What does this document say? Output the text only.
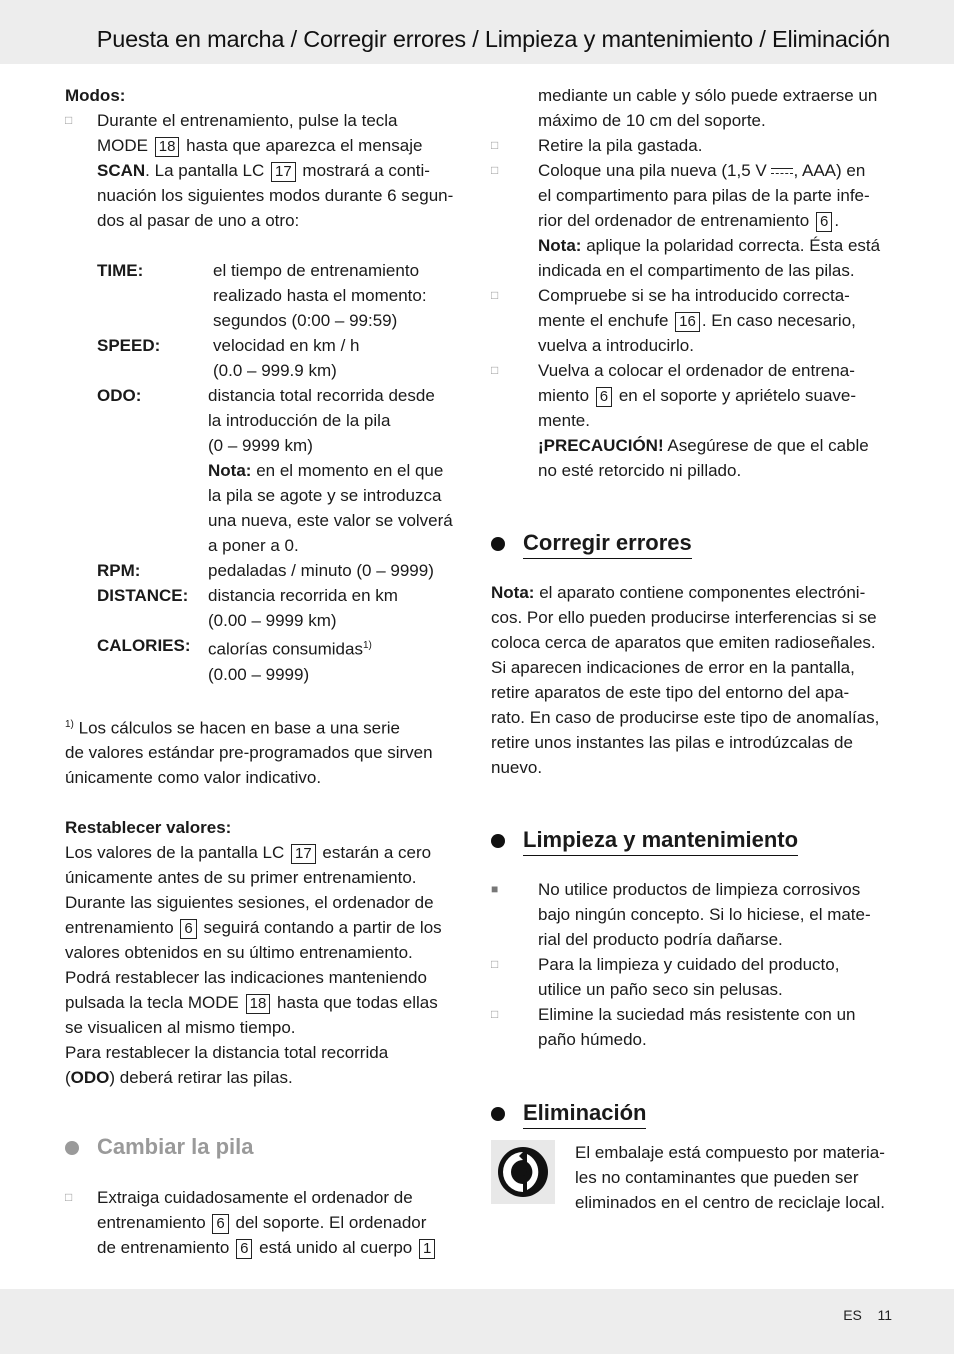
Puesta en marcha / Corregir errores / Limpieza y mantenimiento / Eliminación

Modos:

□ Durante el entrenamiento, pulse la tecla

MODE 18 hasta que aparezca el mensaje

SCAN. La pantalla LC 17 mostrará a conti-

nuación los siguientes modos durante 6 segun-

dos al pasar de uno a otro:

TIME:	el tiempo de entrenamiento

realizado hasta el momento:

segundos (0:00 – 99:59)

SPEED:	velocidad en km / h

(0.0 – 999.9 km)

ODO:	distancia total recorrida desde

la introducción de la pila

(0 – 9999 km)

Nota: en el momento en el que

la pila se agote y se introduzca

una nueva, este valor se volverá

a poner a 0.

RPM:	pedaladas / minuto (0 – 9999)

DISTANCE:	distancia recorrida en km

(0.00 – 9999 km)

CALORIES:	calorías consumidas$^{1)}$

(0.00 – 9999)

$^{1)}$ Los cálculos se hacen en base a una serie

de valores estándar pre-programados que sirven

únicamente como valor indicativo.

Restablecer valores:

Los valores de la pantalla LC 17 estarán a cero

únicamente antes de su primer entrenamiento.

Durante las siguientes sesiones, el ordenador de

entrenamiento 6 seguirá contando a partir de los

valores obtenidos en su último entrenamiento.

Podrá restablecer las indicaciones manteniendo

pulsada la tecla MODE 18 hasta que todas ellas

se visualicen al mismo tiempo.

Para restablecer la distancia total recorrida

(ODO) deberá retirar las pilas.

Cambiar la pila
□ Extraiga cuidadosamente el ordenador de

entrenamiento 6 del soporte. El ordenador

de entrenamiento 6 está unido al cuerpo 1

mediante un cable y sólo puede extraerse un

máximo de 10 cm del soporte.

□ Retire la pila gastada.

□ Coloque una pila nueva (1,5 V , AAA) en

el compartimento para pilas de la parte infe-

rior del ordenador de entrenamiento 6 .

Nota: aplique la polaridad correcta. Ésta está

indicada en el compartimento de las pilas.

□ Compruebe si se ha introducido correcta-

mente el enchufe 16 . En caso necesario,

vuelva a introducirlo.

□ Vuelva a colocar el ordenador de entrena-

miento 6 en el soporte y apriételo suave-

mente.

¡PRECAUCIÓN! Asegúrese de que el cable

no esté retorcido ni pillado.

Corregir errores

Nota: el aparato contiene componentes electróni-

cos. Por ello pueden producirse interferencias si se

coloca cerca de aparatos que emiten radioseñales.

Si aparecen indicaciones de error en la pantalla,

retire aparatos de este tipo del entorno del apa-

rato. En caso de producirse este tipo de anomalías,

retire unos instantes las pilas e introdúzcalas de

nuevo.

Limpieza y mantenimiento
■ No utilice productos de limpieza corrosivos

bajo ningún concepto. Si lo hiciese, el mate-

rial del producto podría dañarse.

□ Para la limpieza y cuidado del producto,

utilice un paño seco sin pelusas.

□ Elimine la suciedad más resistente con un

paño húmedo.

Eliminación

El embalaje está compuesto por materia-

les no contaminantes que pueden ser

eliminados en el centro de reciclaje local.

ES 11
